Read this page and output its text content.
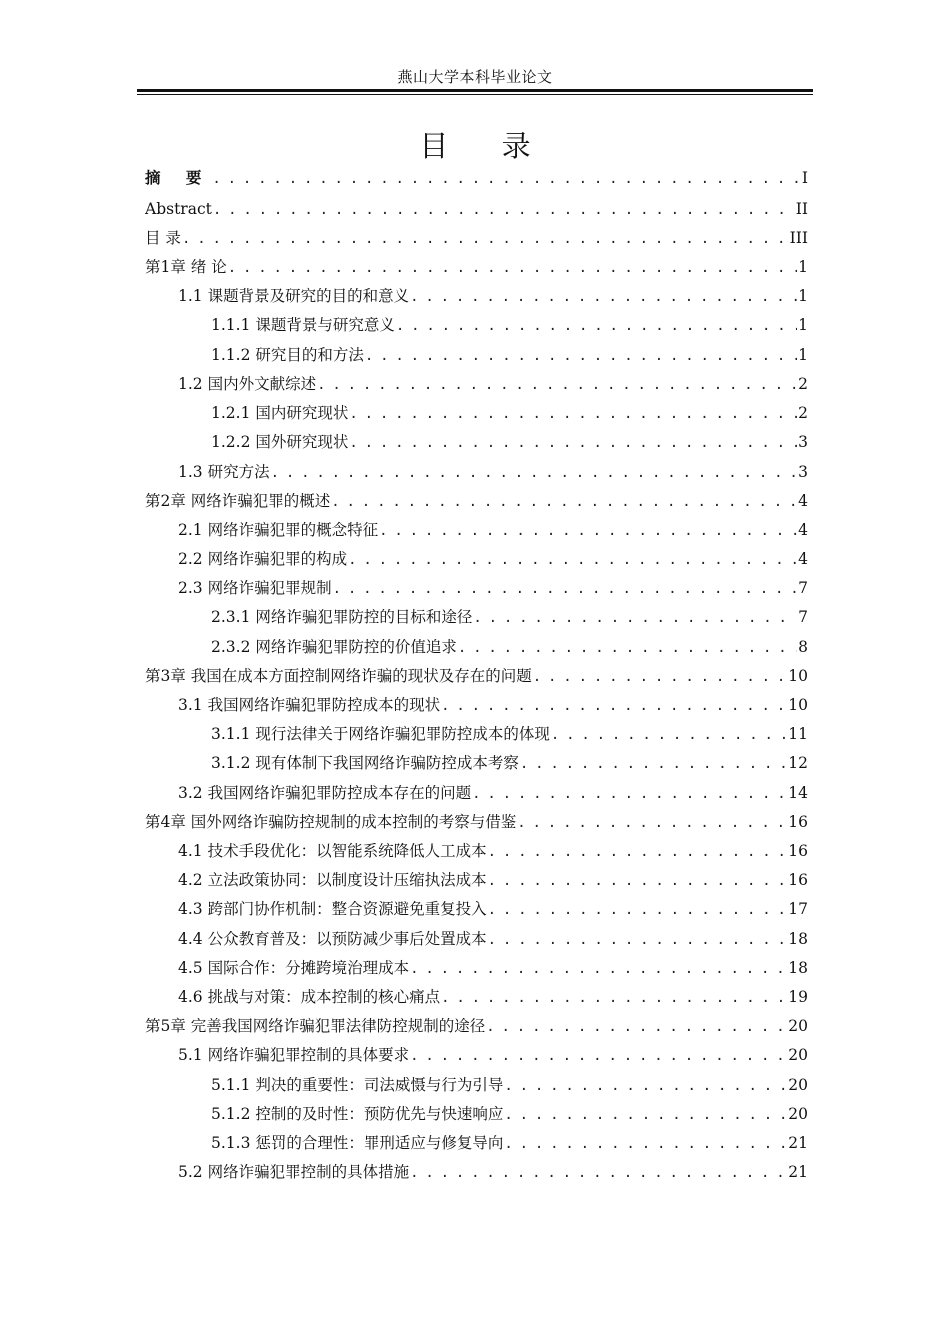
燕山大学本科毕业论文
目 录
摘 要 . . .	I
Abstract . . .	II
目 录 . . .	III
第1章 绪 论 . . .	1
1.1 课题背景及研究的目的和意义 . . .	1
1.1.1 课题背景与研究意义 . . .	1
1.1.2 研究目的和方法 . . .	1
1.2 国内外文献综述 . . .	2
1.2.1 国内研究现状 . . .	2
1.2.2 国外研究现状 . . .	3
1.3 研究方法 . . .	3
第2章 网络诈骗犯罪的概述 . . .	4
2.1 网络诈骗犯罪的概念特征 . . .	4
2.2 网络诈骗犯罪的构成 . . .	4
2.3 网络诈骗犯罪规制 . . .	7
2.3.1 网络诈骗犯罪防控的目标和途径 . . .	7
2.3.2 网络诈骗犯罪防控的价值追求 . . .	8
第3章 我国在成本方面控制网络诈骗的现状及存在的问题 . . .	10
3.1 我国网络诈骗犯罪防控成本的现状 . . .	10
3.1.1 现行法律关于网络诈骗犯罪防控成本的体现 . . .	11
3.1.2 现有体制下我国网络诈骗防控成本考察 . . .	12
3.2 我国网络诈骗犯罪防控成本存在的问题 . . .	14
第4章 国外网络诈骗防控规制的成本控制的考察与借鉴 . . .	16
4.1 技术手段优化：以智能系统降低人工成本 . . .	16
4.2 立法政策协同：以制度设计压缩执法成本 . . .	16
4.3 跨部门协作机制：整合资源避免重复投入 . . .	17
4.4 公众教育普及：以预防减少事后处置成本 . . .	18
4.5 国际合作：分摊跨境治理成本 . . .	18
4.6 挑战与对策：成本控制的核心痛点 . . .	19
第5章 完善我国网络诈骗犯罪法律防控规制的途径 . . .	20
5.1 网络诈骗犯罪控制的具体要求 . . .	20
5.1.1 判决的重要性：司法威慑与行为引导 . . .	20
5.1.2 控制的及时性：预防优先与快速响应 . . .	20
5.1.3 惩罚的合理性：罪刑适应与修复导向 . . .	21
5.2 网络诈骗犯罪控制的具体措施 . . .	21
